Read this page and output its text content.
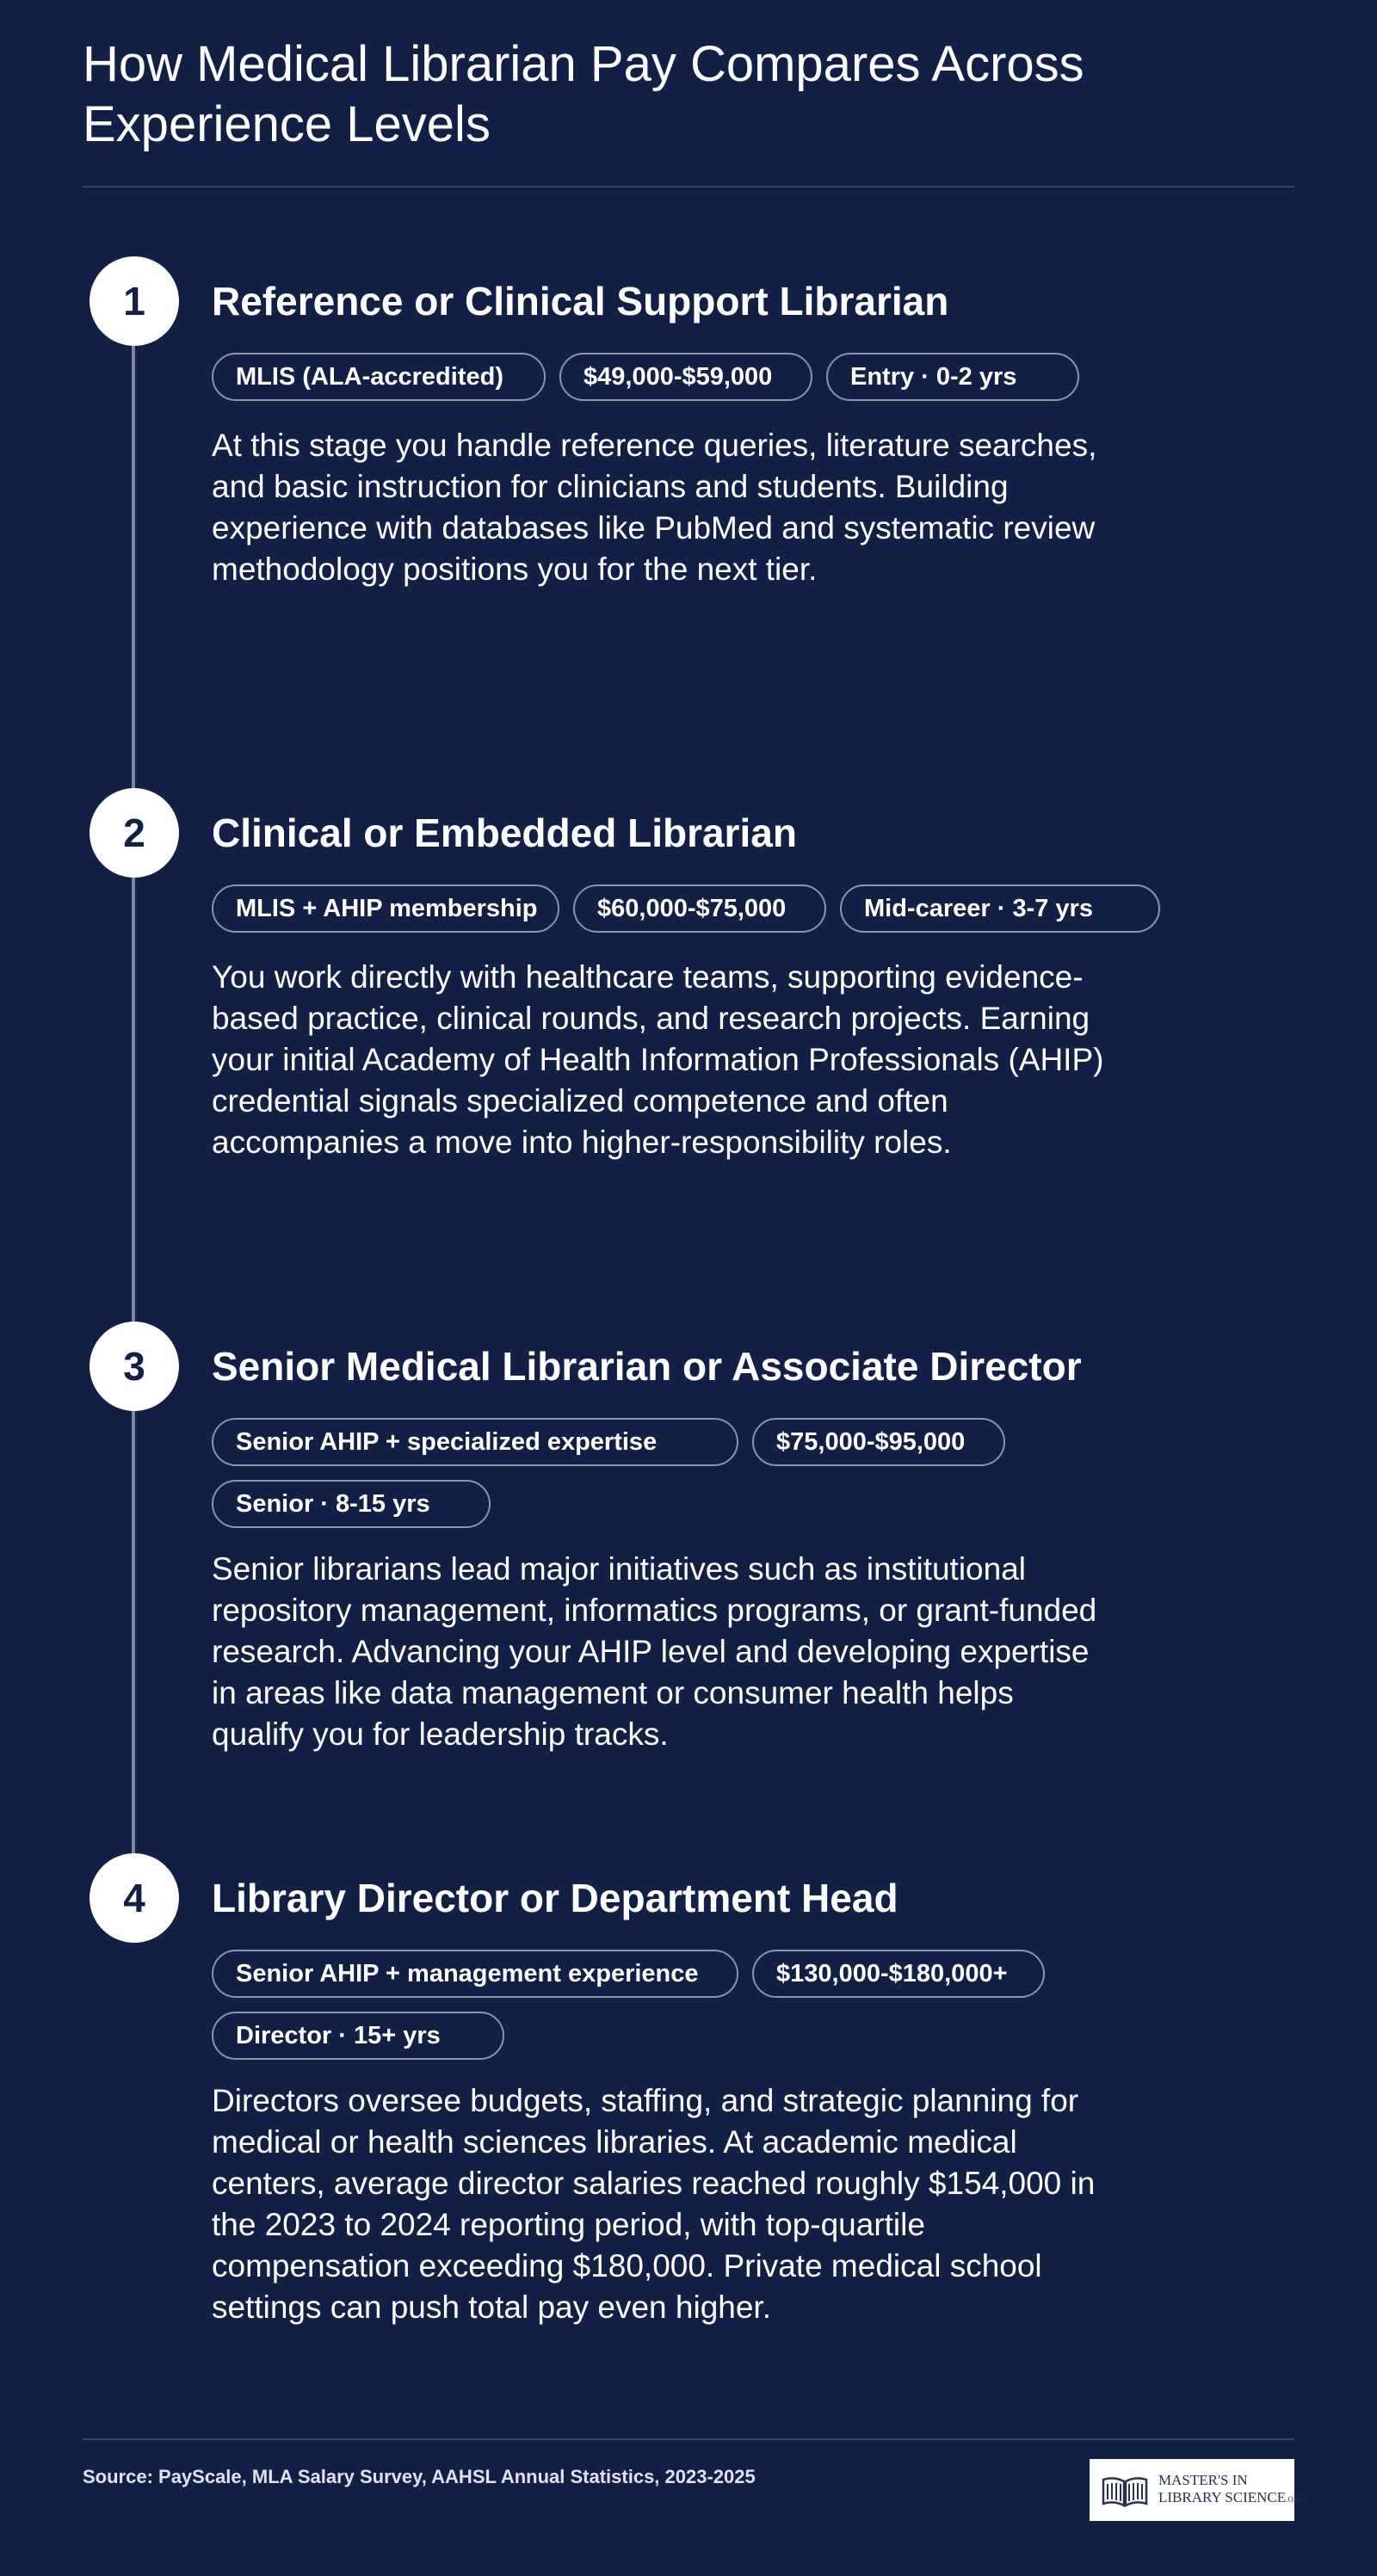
How Medical Librarian Pay Compares Across Experience Levels
1	Reference or Clinical Support Librarian
MLIS (ALA-accredited)	$49,000-$59,000	Entry · 0-2 yrs

At this stage you handle reference queries, literature searches, and basic instruction for clinicians and students. Building experience with databases like PubMed and systematic review methodology positions you for the next tier.

2	Clinical or Embedded Librarian
MLIS + AHIP membership	$60,000-$75,000	Mid-career · 3-7 yrs

You work directly with healthcare teams, supporting evidence-based practice, clinical rounds, and research projects. Earning your initial Academy of Health Information Professionals (AHIP) credential signals specialized competence and often accompanies a move into higher-responsibility roles.

3	Senior Medical Librarian or Associate Director
Senior AHIP + specialized expertise	$75,000-$95,000
Senior · 8-15 yrs

Senior librarians lead major initiatives such as institutional repository management, informatics programs, or grant-funded research. Advancing your AHIP level and developing expertise in areas like data management or consumer health helps qualify you for leadership tracks.

4	Library Director or Department Head
Senior AHIP + management experience	$130,000-$180,000+
Director · 15+ yrs

Directors oversee budgets, staffing, and strategic planning for medical or health sciences libraries. At academic medical centers, average director salaries reached roughly $154,000 in the 2023 to 2024 reporting period, with top-quartile compensation exceeding $180,000. Private medical school settings can push total pay even higher.

Source: PayScale, MLA Salary Survey, AAHSL Annual Statistics, 2023-2025	MASTER'S IN
LIBRARY SCIENCE.ORG
